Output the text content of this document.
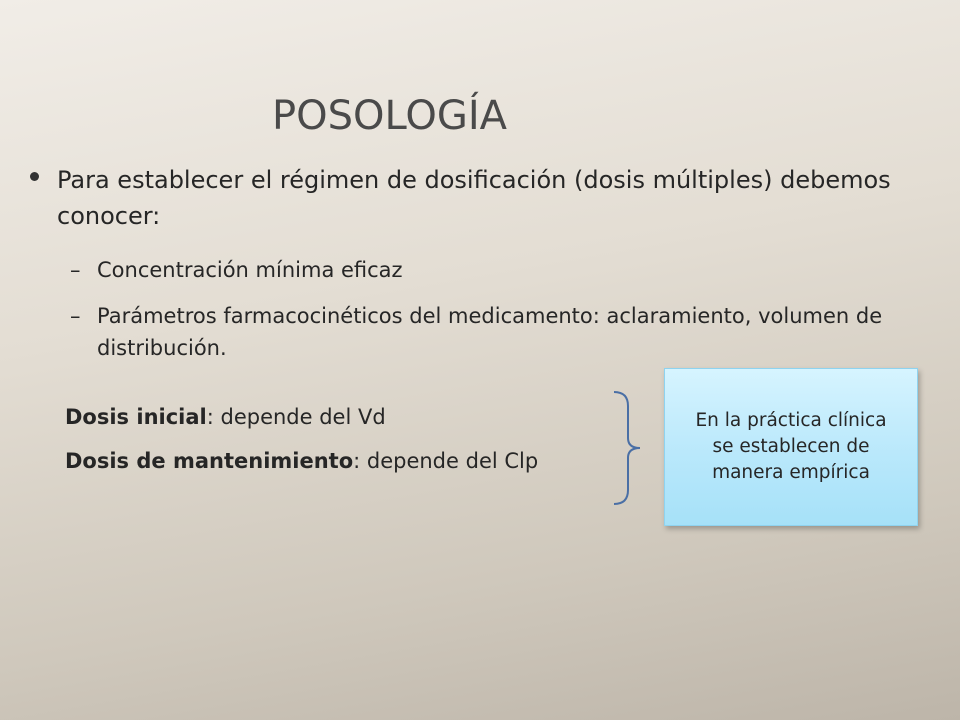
POSOLOGÍA
Para establecer el régimen de dosificación (dosis múltiples) debemos conocer:
– Concentración mínima eficaz
– Parámetros farmacocinéticos del medicamento: aclaramiento, volumen de distribución.
Dosis inicial: depende del Vd
Dosis de mantenimiento: depende del Clp
En la práctica clínica se establecen de manera empírica
